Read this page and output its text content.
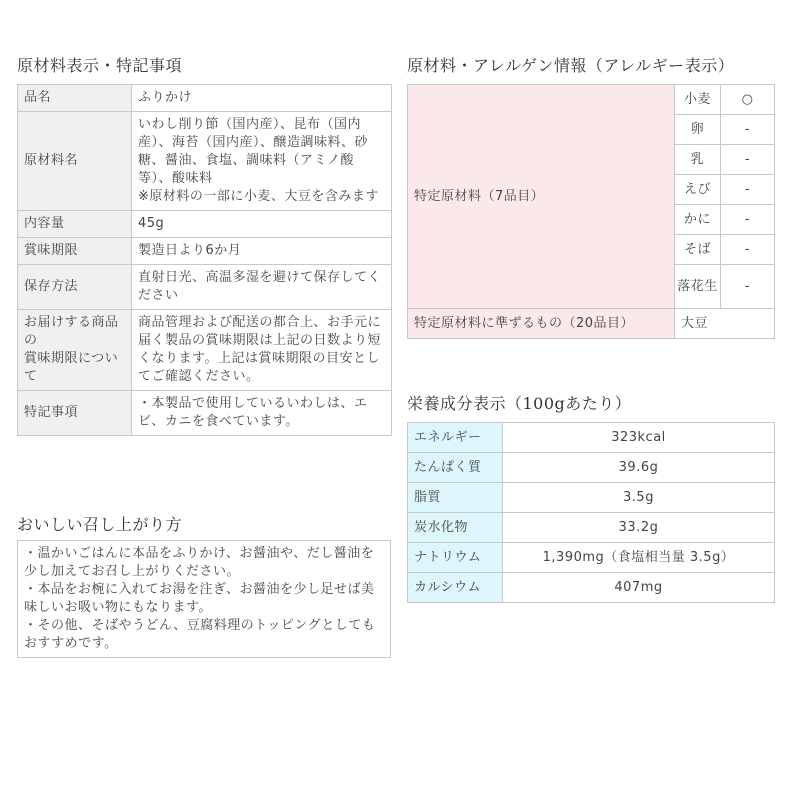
原材料表示・特記事項
品名	ふりかけ

原材料名	いわし削り節（国内産）、昆布（国内産）、海苔（国内産）、醸造調味料、砂糖、醤油、食塩、調味料（アミノ酸等）、酸味料
※原材料の一部に小麦、大豆を含みます

内容量	45g

賞味期限	製造日より6か月

保存方法	直射日光、高温多湿を避けて保存してください

お届けする商品の
賞味期限について	商品管理および配送の都合上、お手元に届く製品の賞味期限は上記の日数より短くなります。上記は賞味期限の目安としてご確認ください。

特記事項	・本製品で使用しているいわしは、エビ、カニを食べています。
おいしい召し上がり方

・温かいごはんに本品をふりかけ、お醤油や、だし醤油を少し加えてお召し上がりください。

・本品をお椀に入れてお湯を注ぎ、お醤油を少し足せば美味しいお吸い物にもなります。

・その他、そばやうどん、豆腐料理のトッピングとしてもおすすめです。

原材料・アレルゲン情報（アレルギー表示）
特定原材料（7品目）	小麦	○
	卵	-
	乳	-
	えび	-
	かに	-
	そば	-
	落花生	-
特定原材料に準ずるもの（20品目）	大豆	
栄養成分表示（100gあたり）
エネルギー	323kcal
たんぱく質	39.6g
脂質	3.5g
炭水化物	33.2g
ナトリウム	1,390mg（食塩相当量 3.5g）
カルシウム	407mg
